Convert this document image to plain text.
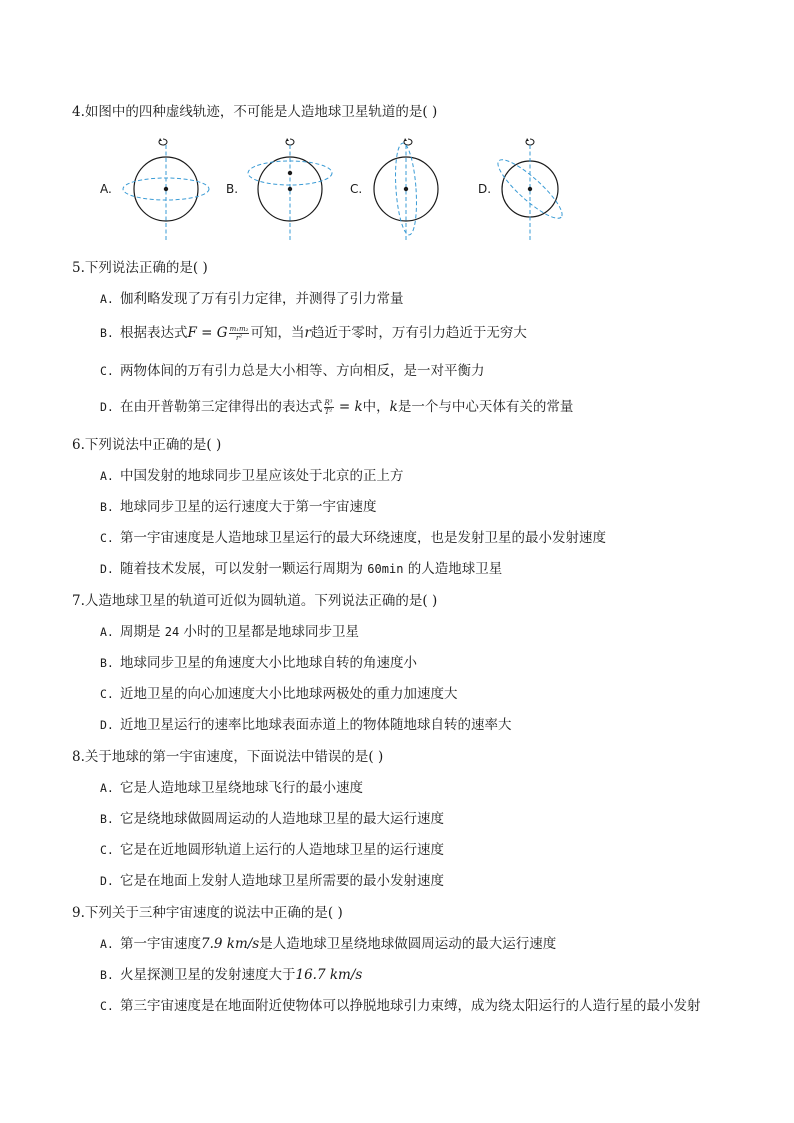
4.如图中的四种虚线轨迹，不可能是人造地球卫星轨道的是( )
A.	B.	C.	D.
5.下列说法正确的是( )
A. 伽利略发现了万有引力定律，并测得了引力常量
B. 根据表达式F = G $\frac{\text{m₁m₂}}{\text{r²}}$ 可知，当r趋近于零时，万有引力趋近于无穷大
C. 两物体间的万有引力总是大小相等、方向相反，是一对平衡力
D. 在由开普勒第三定律得出的表达式 $\frac{\text{R³}}{\text{T²}} = k$中，k是一个与中心天体有关的常量
6.下列说法中正确的是( )
A. 中国发射的地球同步卫星应该处于北京的正上方
B. 地球同步卫星的运行速度大于第一宇宙速度
C. 第一宇宙速度是人造地球卫星运行的最大环绕速度，也是发射卫星的最小发射速度
D. 随着技术发展，可以发射一颗运行周期为 60min 的人造地球卫星
7.人造地球卫星的轨道可近似为圆轨道。下列说法正确的是( )
A. 周期是 24 小时的卫星都是地球同步卫星
B. 地球同步卫星的角速度大小比地球自转的角速度小
C. 近地卫星的向心加速度大小比地球两极处的重力加速度大
D. 近地卫星运行的速率比地球表面赤道上的物体随地球自转的速率大
8.关于地球的第一宇宙速度，下面说法中错误的是( )
A. 它是人造地球卫星绕地球飞行的最小速度
B. 它是绕地球做圆周运动的人造地球卫星的最大运行速度
C. 它是在近地圆形轨道上运行的人造地球卫星的运行速度
D. 它是在地面上发射人造地球卫星所需要的最小发射速度
9.下列关于三种宇宙速度的说法中正确的是( )
A. 第一宇宙速度7.9 km/s是人造地球卫星绕地球做圆周运动的最大运行速度
B. 火星探测卫星的发射速度大于16.7 km/s
C. 第三宇宙速度是在地面附近使物体可以挣脱地球引力束缚，成为绕太阳运行的人造行星的最小发射
